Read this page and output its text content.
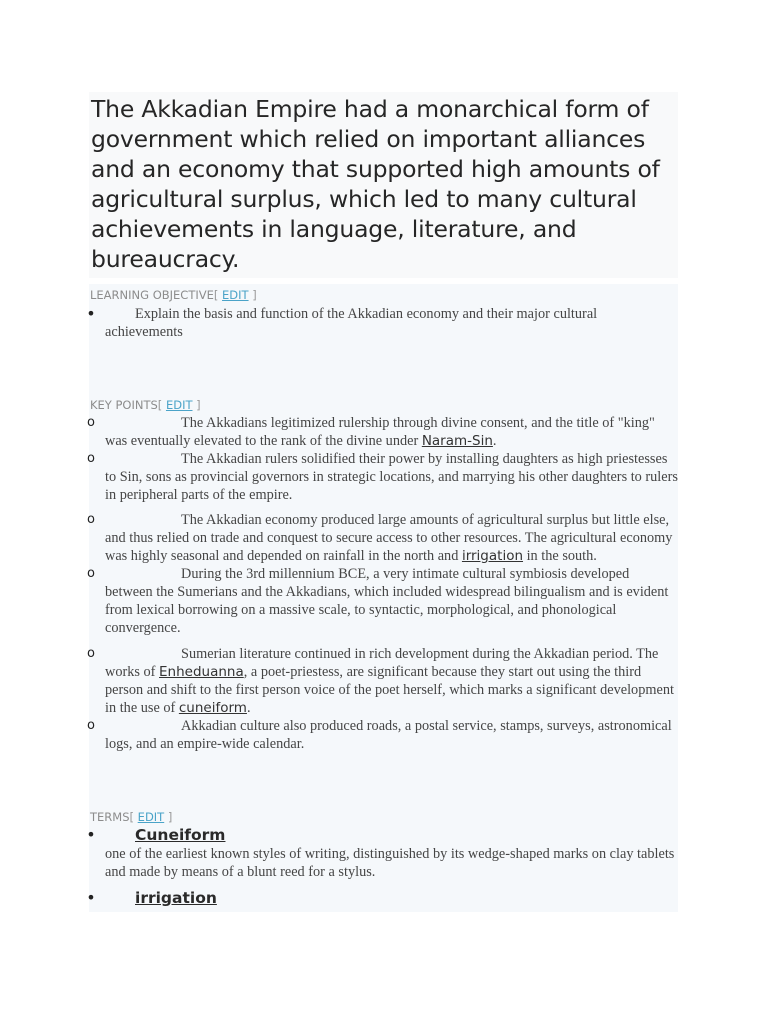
The Akkadian Empire had a monarchical form of government which relied on important alliances and an economy that supported high amounts of agricultural surplus, which led to many cultural achievements in language, literature, and bureaucracy.
LEARNING OBJECTIVE[ EDIT ]
•	Explain the basis and function of the Akkadian economy and their major cultural achievements
KEY POINTS[ EDIT ]
o	The Akkadians legitimized rulership through divine consent, and the title of "king" was eventually elevated to the rank of the divine under Naram-Sin.
o	The Akkadian rulers solidified their power by installing daughters as high priestesses to Sin, sons as provincial governors in strategic locations, and marrying his other daughters to rulers in peripheral parts of the empire.
o	The Akkadian economy produced large amounts of agricultural surplus but little else, and thus relied on trade and conquest to secure access to other resources. The agricultural economy was highly seasonal and depended on rainfall in the north and irrigation in the south.
o	During the 3rd millennium BCE, a very intimate cultural symbiosis developed between the Sumerians and the Akkadians, which included widespread bilingualism and is evident from lexical borrowing on a massive scale, to syntactic, morphological, and phonological convergence.
o	Sumerian literature continued in rich development during the Akkadian period. The works of Enheduanna, a poet-priestess, are significant because they start out using the third person and shift to the first person voice of the poet herself, which marks a significant development in the use of cuneiform.
o	Akkadian culture also produced roads, a postal service, stamps, surveys, astronomical logs, and an empire-wide calendar.
TERMS[ EDIT ]
•	Cuneiform
one of the earliest known styles of writing, distinguished by its wedge-shaped marks on clay tablets and made by means of a blunt reed for a stylus.
•	irrigation
